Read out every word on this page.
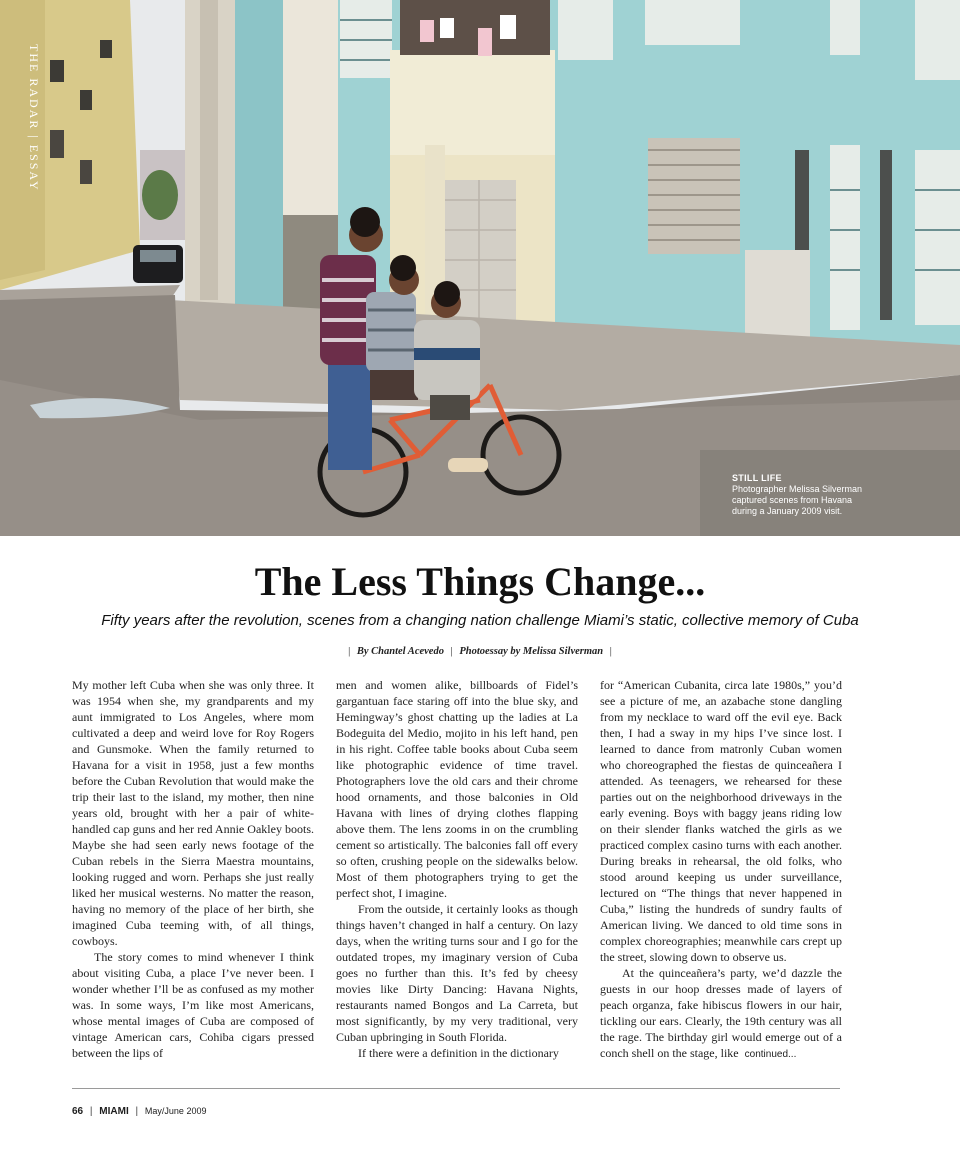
THE RADAR | ESSAY
STILL LIFE
Photographer Melissa Silverman captured scenes from Havana during a January 2009 visit.
The Less Things Change...

Fifty years after the revolution, scenes from a changing nation challenge Miami’s static, collective memory of Cuba

| By Chantel Acevedo | Photoessay by Melissa Silverman |

My mother left Cuba when she was only three. It was 1954 when she, my grandparents and my aunt immigrated to Los Angeles, where mom cultivated a deep and weird love for Roy Rogers and Gunsmoke. When the family returned to Havana for a visit in 1958, just a few months before the Cuban Revolution that would make the trip their last to the island, my mother, then nine years old, brought with her a pair of white-handled cap guns and her red Annie Oakley boots. Maybe she had seen early news footage of the Cuban rebels in the Sierra Maestra mountains, looking rugged and worn. Perhaps she just really liked her musical westerns. No matter the reason, having no memory of the place of her birth, she imagined Cuba teeming with, of all things, cowboys.

The story comes to mind whenever I think about visiting Cuba, a place I’ve never been. I wonder whether I’ll be as confused as my mother was. In some ways, I’m like most Americans, whose mental images of Cuba are composed of vintage American cars, Cohiba cigars pressed between the lips of

men and women alike, billboards of Fidel’s gargantuan face staring off into the blue sky, and Hemingway’s ghost chatting up the ladies at La Bodeguita del Medio, mojito in his left hand, pen in his right. Coffee table books about Cuba seem like photographic evidence of time travel. Photographers love the old cars and their chrome hood ornaments, and those balconies in Old Havana with lines of drying clothes flapping above them. The lens zooms in on the crumbling cement so artistically. The balconies fall off every so often, crushing people on the sidewalks below. Most of them photographers trying to get the perfect shot, I imagine.

From the outside, it certainly looks as though things haven’t changed in half a century. On lazy days, when the writing turns sour and I go for the outdated tropes, my imaginary version of Cuba goes no further than this. It’s fed by cheesy movies like Dirty Dancing: Havana Nights, restaurants named Bongos and La Carreta, but most significantly, by my very traditional, very Cuban upbringing in South Florida.

If there were a definition in the dictionary

for “American Cubanita, circa late 1980s,” you’d see a picture of me, an azabache stone dangling from my necklace to ward off the evil eye. Back then, I had a sway in my hips I’ve since lost. I learned to dance from matronly Cuban women who choreographed the fiestas de quinceañera I attended. As teenagers, we rehearsed for these parties out on the neighborhood driveways in the early evening. Boys with baggy jeans riding low on their slender flanks watched the girls as we practiced complex casino turns with each another. During breaks in rehearsal, the old folks, who stood around keeping us under surveillance, lectured on “The things that never happened in Cuba,” listing the hundreds of sundry faults of American living. We danced to old time sons in complex choreographies; meanwhile cars crept up the street, slowing down to observe us.

At the quinceañera’s party, we’d dazzle the guests in our hoop dresses made of layers of peach organza, fake hibiscus flowers in our hair, tickling our ears. Clearly, the 19th century was all the rage. The birthday girl would emerge out of a conch shell on the stage, like continued...

66 | MIAMI | May/June 2009
